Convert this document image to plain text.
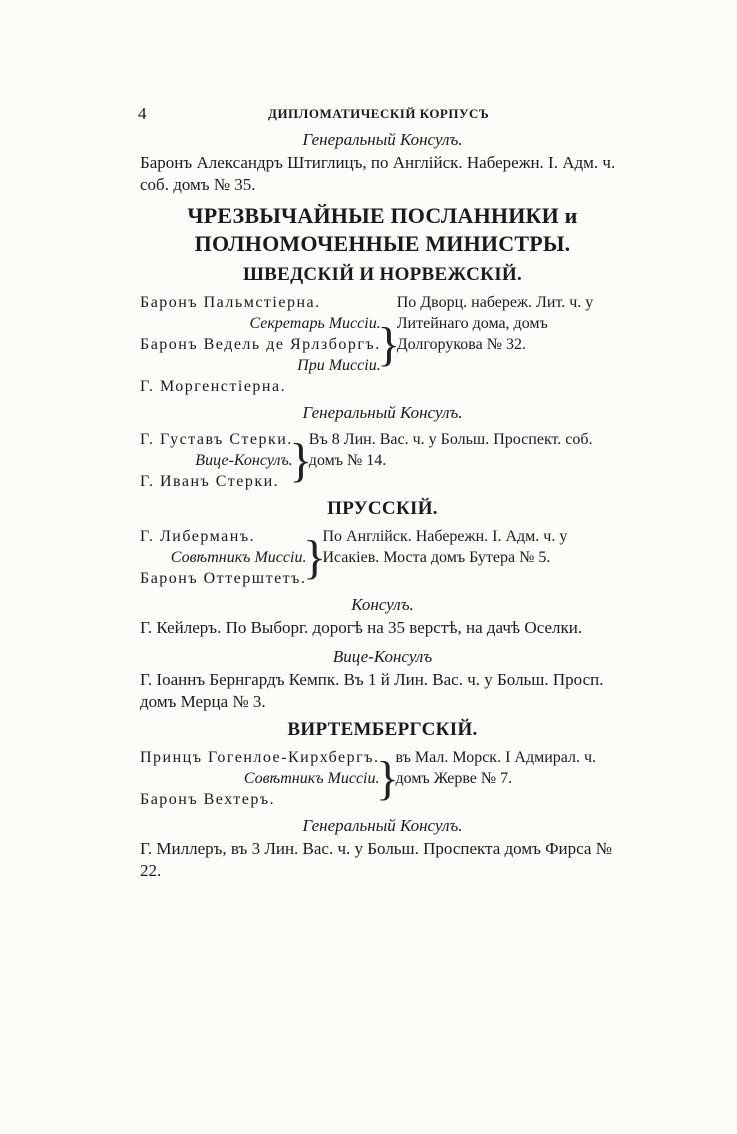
4	ДИПЛОМАТИЧЕСКІЙ КОРПУСЪ

Генеральный Консулъ.

Баронъ Александръ Штиглицъ, по Англійск. Набережн. І. Адм. ч. соб. домъ № 35.

ЧРЕЗВЫЧАЙНЫЕ ПОСЛАННИКИ и ПОЛНОМОЧЕННЫЕ МИНИСТРЫ.
ШВЕДСКІЙ И НОРВЕЖСКІЙ.
Баронъ Пальмстіерна.
Секретарь Миссіи.
Баронъ Ведель де Ярлзборгъ.
При Миссіи.
Г. Моргенстіерна.
}
По Дворц. набереж. Лит. ч. у Литейнаго дома, домъ Долгорукова № 32.

Генеральный Консулъ.

Г. Густавъ Стерки.
Вице-Консулъ.
Г. Иванъ Стерки. }
Въ 8 Лин. Вас. ч. у Больш. Проспект. соб. домъ № 14.
ПРУССКІЙ.
Г. Либерманъ.
Совѣтникъ Миссіи.
Баронъ Оттерштетъ.
}
По Англійск. Набережн. І. Адм. ч. у Исакіев. Моста домъ Бутера № 5.

Консулъ.

Г. Кейлеръ. По Выборг. дорогѣ на 35 верстѣ, на дачѣ Оселки.

Вице-Консулъ

Г. Іоаннъ Бернгардъ Кемпк. Въ 1 й Лин. Вас. ч. у Больш. Просп. домъ Мерца № 3.

ВИРТЕМБЕРГСКІЙ.
Принцъ Гогенлое-Кирхбергъ.
Совѣтникъ Миссіи.
Баронъ Вехтеръ.	}
въ Мал. Морск. І Адмирал. ч. домъ Жерве № 7.

Генеральный Консулъ.

Г. Миллеръ, въ 3 Лин. Вас. ч. у Больш. Проспекта домъ Фирса № 22.
